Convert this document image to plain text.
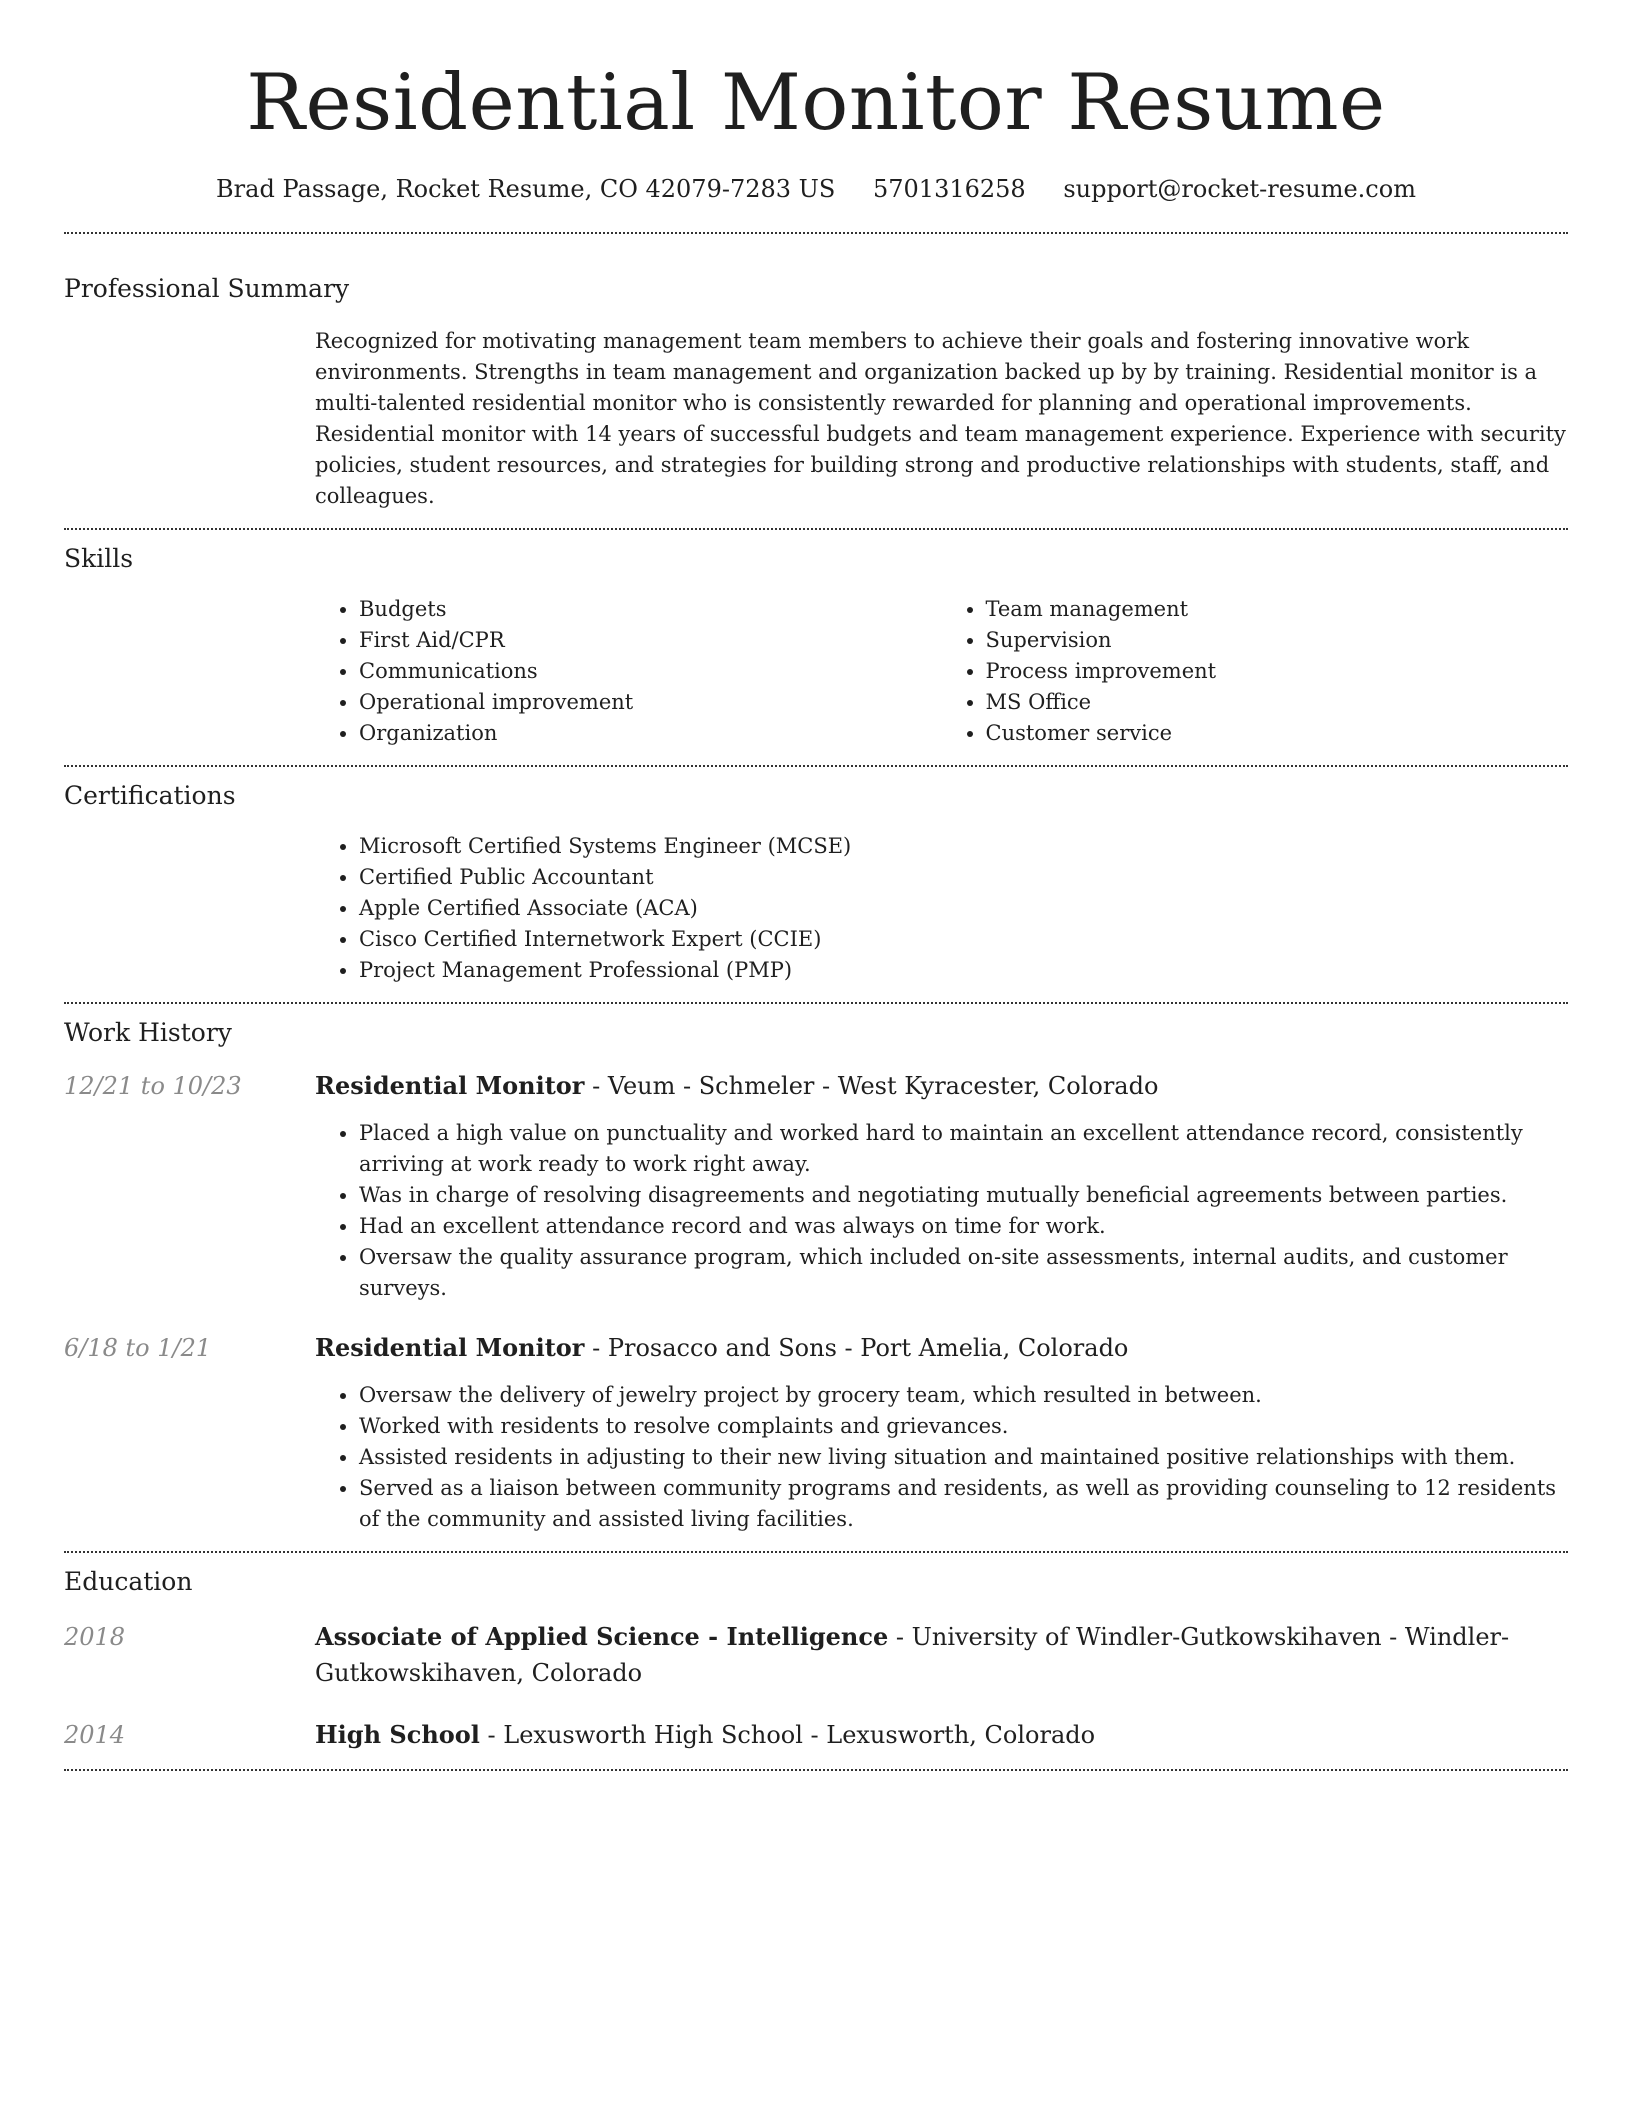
Residential Monitor Resume
Brad Passage, Rocket Resume, CO 42079-7283 US 5701316258 support@rocket-resume.com
Professional Summary
Recognized for motivating management team members to achieve their goals and fostering innovative work environments. Strengths in team management and organization backed up by by training. Residential monitor is a multi-talented residential monitor who is consistently rewarded for planning and operational improvements. Residential monitor with 14 years of successful budgets and team management experience. Experience with security policies, student resources, and strategies for building strong and productive relationships with students, staff, and colleagues.
Skills
• Budgets
• First Aid/CPR
• Communications
• Operational improvement
• Organization
• Team management
• Supervision
• Process improvement
• MS Office
• Customer service
Certifications
• Microsoft Certified Systems Engineer (MCSE)
• Certified Public Accountant
• Apple Certified Associate (ACA)
• Cisco Certified Internetwork Expert (CCIE)
• Project Management Professional (PMP)
Work History
12/21 to 10/23	Residential Monitor - Veum - Schmeler - West Kyracester, Colorado
• Placed a high value on punctuality and worked hard to maintain an excellent attendance record, consistently arriving at work ready to work right away.
• Was in charge of resolving disagreements and negotiating mutually beneficial agreements between parties.
• Had an excellent attendance record and was always on time for work.
• Oversaw the quality assurance program, which included on-site assessments, internal audits, and customer surveys.
6/18 to 1/21	Residential Monitor - Prosacco and Sons - Port Amelia, Colorado
• Oversaw the delivery of jewelry project by grocery team, which resulted in between.
• Worked with residents to resolve complaints and grievances.
• Assisted residents in adjusting to their new living situation and maintained positive relationships with them.
• Served as a liaison between community programs and residents, as well as providing counseling to 12 residents of the community and assisted living facilities.
Education
2018	Associate of Applied Science - Intelligence - University of Windler-Gutkowskihaven - Windler-Gutkowskihaven, Colorado
2014	High School - Lexusworth High School - Lexusworth, Colorado
